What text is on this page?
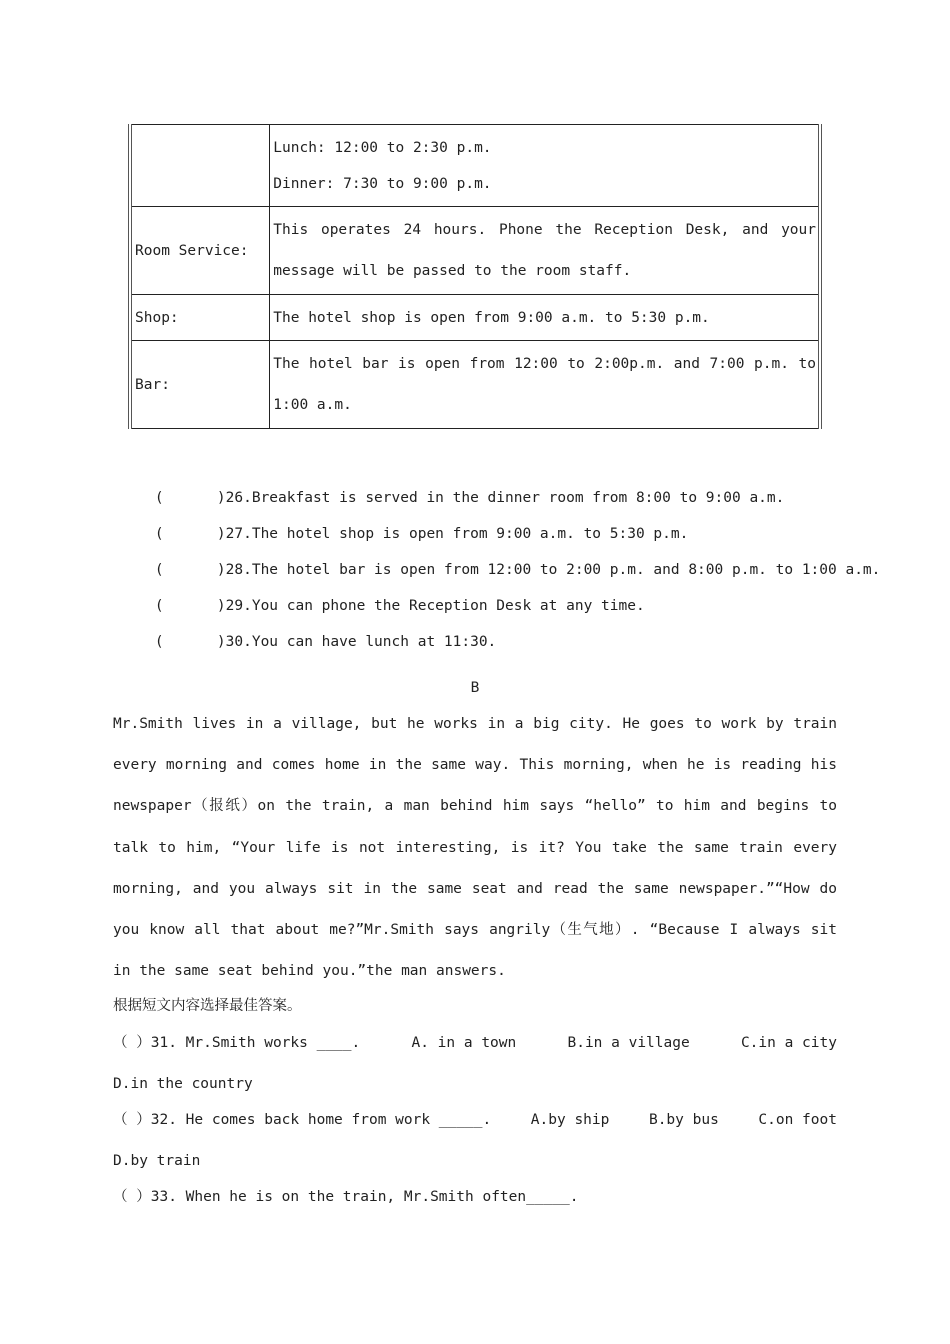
	Lunch: 12:00 to 2:30 p.m.
Dinner: 7:30 to 9:00 p.m.

Room Service:	This operates 24 hours. Phone the Reception Desk, and your message will be passed to the room staff.
Shop:	The hotel shop is open from 9:00 a.m. to 5:30 p.m.
Bar:	The hotel bar is open from 12:00 to 2:00p.m. and 7:00 p.m. to 1:00 a.m.

(	)26.Breakfast is served in the dinner room from 8:00 to 9:00 a.m.

(	)27.The hotel shop is open from 9:00 a.m. to 5:30 p.m.

(	)28.The hotel bar is open from 12:00 to 2:00 p.m. and 8:00 p.m. to 1:00 a.m.

(	)29.You can phone the Reception Desk at any time.

(	)30.You can have lunch at 11:30.

B
Mr.Smith lives in a village, but he works in a big city. He goes to work by train every morning and comes home in the same way. This morning, when he is reading his newspaper（报纸）on the train, a man behind him says “hello” to him and begins to talk to him, “Your life is not interesting, is it? You take the same train every morning, and you always sit in the same seat and read the same newspaper.”“How do you know all that about me?”Mr.Smith says angrily（生气地）. “Because I always sit in the same seat behind you.”the man answers.
根据短文内容选择最佳答案。
（ ）31. Mr.Smith works ____.	A. in a town	B.in a village	C.in a city
D.in the country
（ ）32. He comes back home from work _____.	A.by ship	B.by bus	C.on foot
D.by train
（ ）33. When he is on the train, Mr.Smith often_____.
